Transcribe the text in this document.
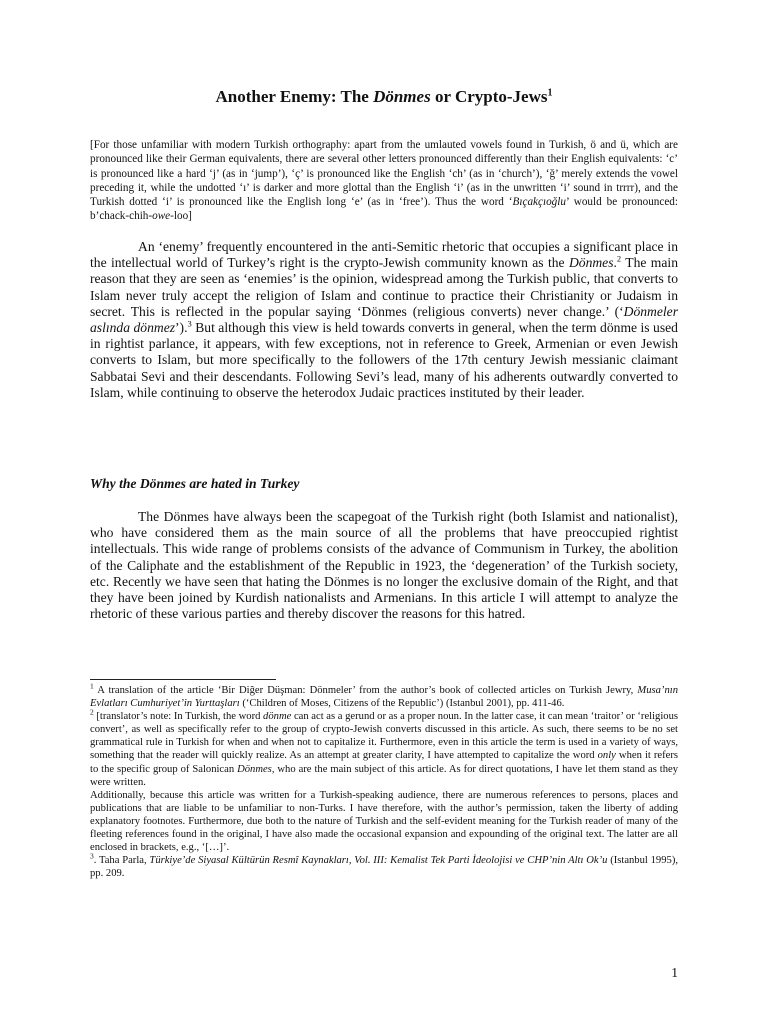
Another Enemy: The Dönmes or Crypto-Jews$^1$
[For those unfamiliar with modern Turkish orthography: apart from the umlauted vowels found in Turkish, ö and ü, which are pronounced like their German equivalents, there are several other letters pronounced differently than their English equivalents: ‘c’ is pronounced like a hard ‘j’ (as in ‘jump’), ‘ç’ is pronounced like the English ‘ch’ (as in ‘church’), ‘ğ’ merely extends the vowel preceding it, while the undotted ‘ı’ is darker and more glottal than the English ‘i’ (as in the unwritten ‘i’ sound in trrrr), and the Turkish dotted ‘i’ is pronounced like the English long ‘e’ (as in ‘free’). Thus the word ‘Bıçakçıoğlu’ would be pronounced: b’chack-chih-owe-loo]
An ‘enemy’ frequently encountered in the anti-Semitic rhetoric that occupies a significant place in the intellectual world of Turkey’s right is the crypto-Jewish community known as the Dönmes.$^2$ The main reason that they are seen as ‘enemies’ is the opinion, widespread among the Turkish public, that converts to Islam never truly accept the religion of Islam and continue to practice their Christianity or Judaism in secret. This is reflected in the popular saying ‘Dönmes (religious converts) never change.’ (‘Dönmeler aslında dönmez’).$^3$ But although this view is held towards converts in general, when the term dönme is used in rightist parlance, it appears, with few exceptions, not in reference to Greek, Armenian or even Jewish converts to Islam, but more specifically to the followers of the 17th century Jewish messianic claimant Sabbatai Sevi and their descendants. Following Sevi’s lead, many of his adherents outwardly converted to Islam, while continuing to observe the heterodox Judaic practices instituted by their leader.
Why the Dönmes are hated in Turkey
The Dönmes have always been the scapegoat of the Turkish right (both Islamist and nationalist), who have considered them as the main source of all the problems that have preoccupied rightist intellectuals. This wide range of problems consists of the advance of Communism in Turkey, the abolition of the Caliphate and the establishment of the Republic in 1923, the ‘degeneration’ of the Turkish society, etc. Recently we have seen that hating the Dönmes is no longer the exclusive domain of the Right, and that they have been joined by Kurdish nationalists and Armenians. In this article I will attempt to analyze the rhetoric of these various parties and thereby discover the reasons for this hatred.

$^1$ A translation of the article ‘Bir Diğer Düşman: Dönmeler’ from the author’s book of collected articles on Turkish Jewry, Musa’nın Evlatları Cumhuriyet’in Yurttaşları (‘Children of Moses, Citizens of the Republic’) (Istanbul 2001), pp. 411-46.

$^2$ [translator’s note: In Turkish, the word dönme can act as a gerund or as a proper noun. In the latter case, it can mean ‘traitor’ or ‘religious convert’, as well as specifically refer to the group of crypto-Jewish converts discussed in this article. As such, there seems to be no set grammatical rule in Turkish for when and when not to capitalize it. Furthermore, even in this article the term is used in a variety of ways, something that the reader will quickly realize. As an attempt at greater clarity, I have attempted to capitalize the word only when it refers to the specific group of Salonican Dönmes, who are the main subject of this article. As for direct quotations, I have let them stand as they were written.

Additionally, because this article was written for a Turkish-speaking audience, there are numerous references to persons, places and publications that are liable to be unfamiliar to non-Turks. I have therefore, with the author’s permission, taken the liberty of adding explanatory footnotes. Furthermore, due both to the nature of Turkish and the self-evident meaning for the Turkish reader of many of the fleeting references found in the original, I have also made the occasional expansion and expounding of the original text. The latter are all enclosed in brackets, e.g., ‘[…]’.

$^3$. Taha Parla, Türkiye’de Siyasal Kültürün Resmî Kaynakları, Vol. III: Kemalist Tek Parti İdeolojisi ve CHP’nin Altı Ok’u (Istanbul 1995), pp. 209.

1
